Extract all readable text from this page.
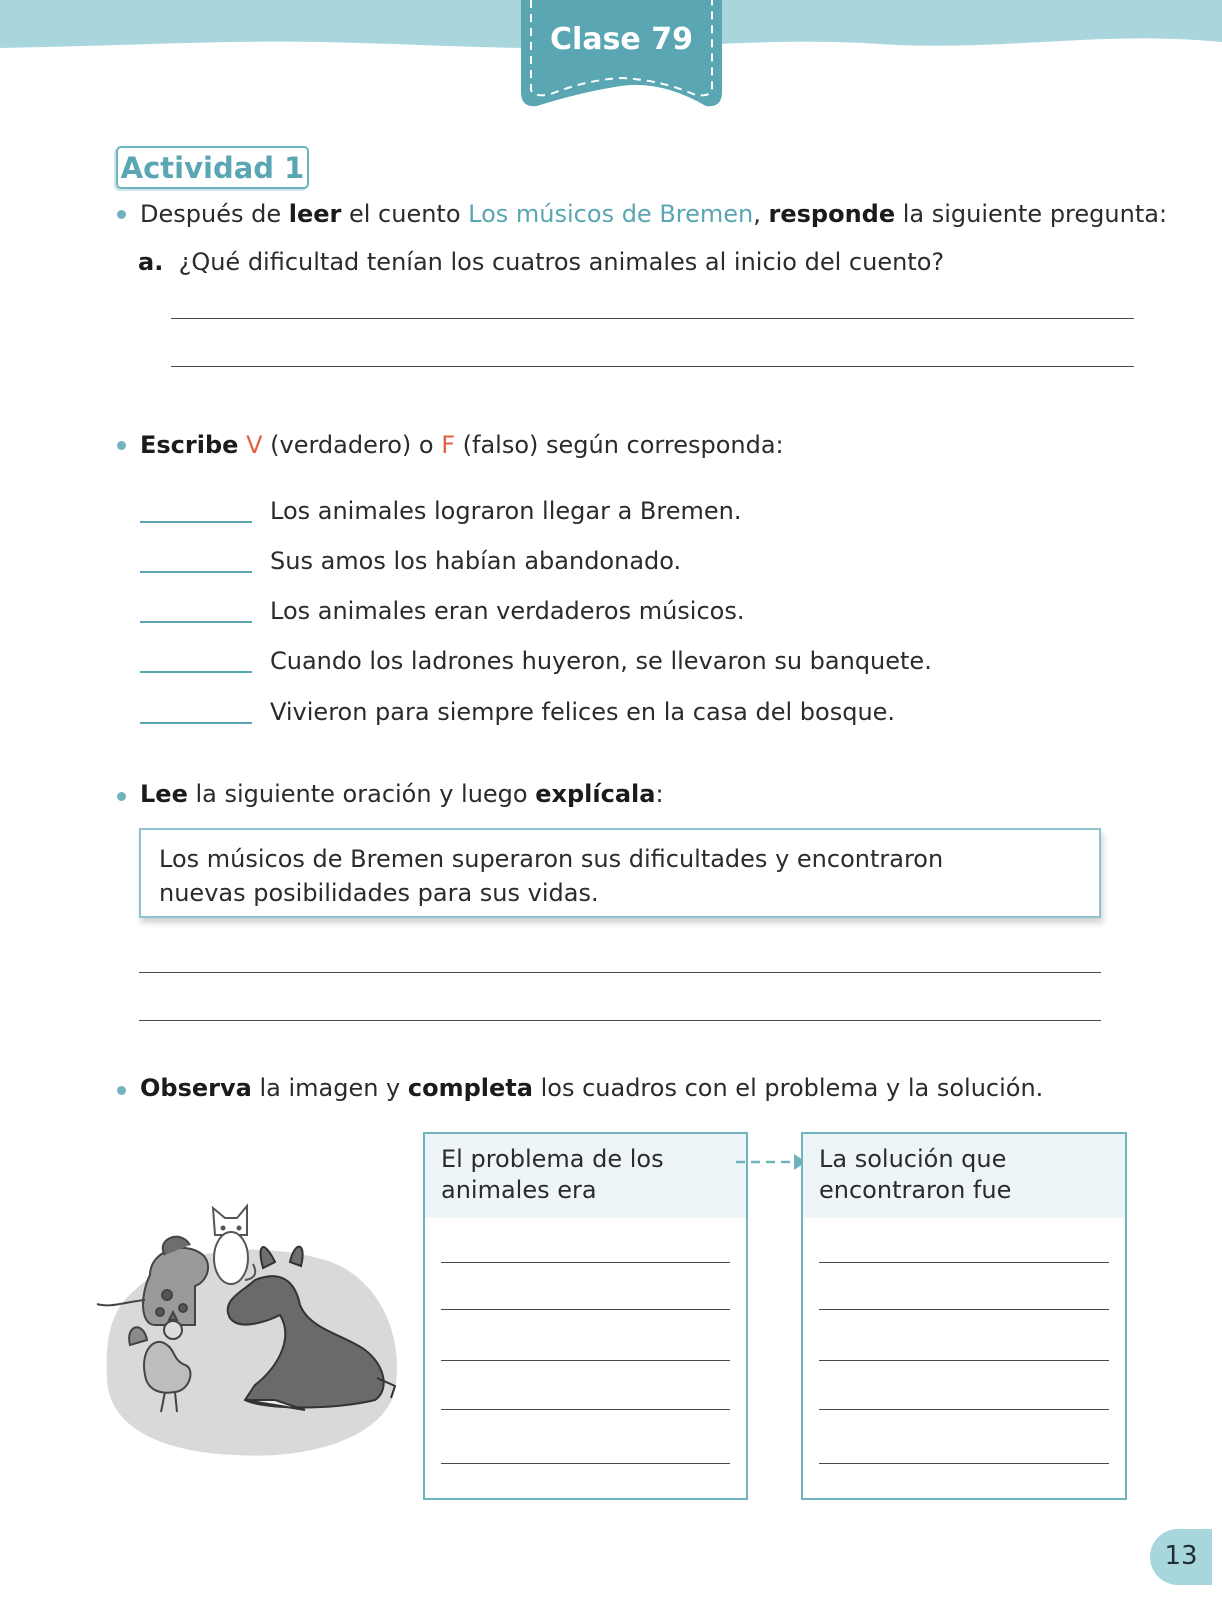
Clase 79
Actividad 1
Después de leer el cuento Los músicos de Bremen, responde la siguiente pregunta:
a. ¿Qué dificultad tenían los cuatros animales al inicio del cuento?
Escribe V (verdadero) o F (falso) según corresponda:
Los animales lograron llegar a Bremen.
Sus amos los habían abandonado.
Los animales eran verdaderos músicos.
Cuando los ladrones huyeron, se llevaron su banquete.
Vivieron para siempre felices en la casa del bosque.
Lee la siguiente oración y luego explícala:
Los músicos de Bremen superaron sus dificultades y encontraron
nuevas posibilidades para sus vidas.
Observa la imagen y completa los cuadros con el problema y la solución.
El problema de los
animales era
La solución que
encontraron fue
13
